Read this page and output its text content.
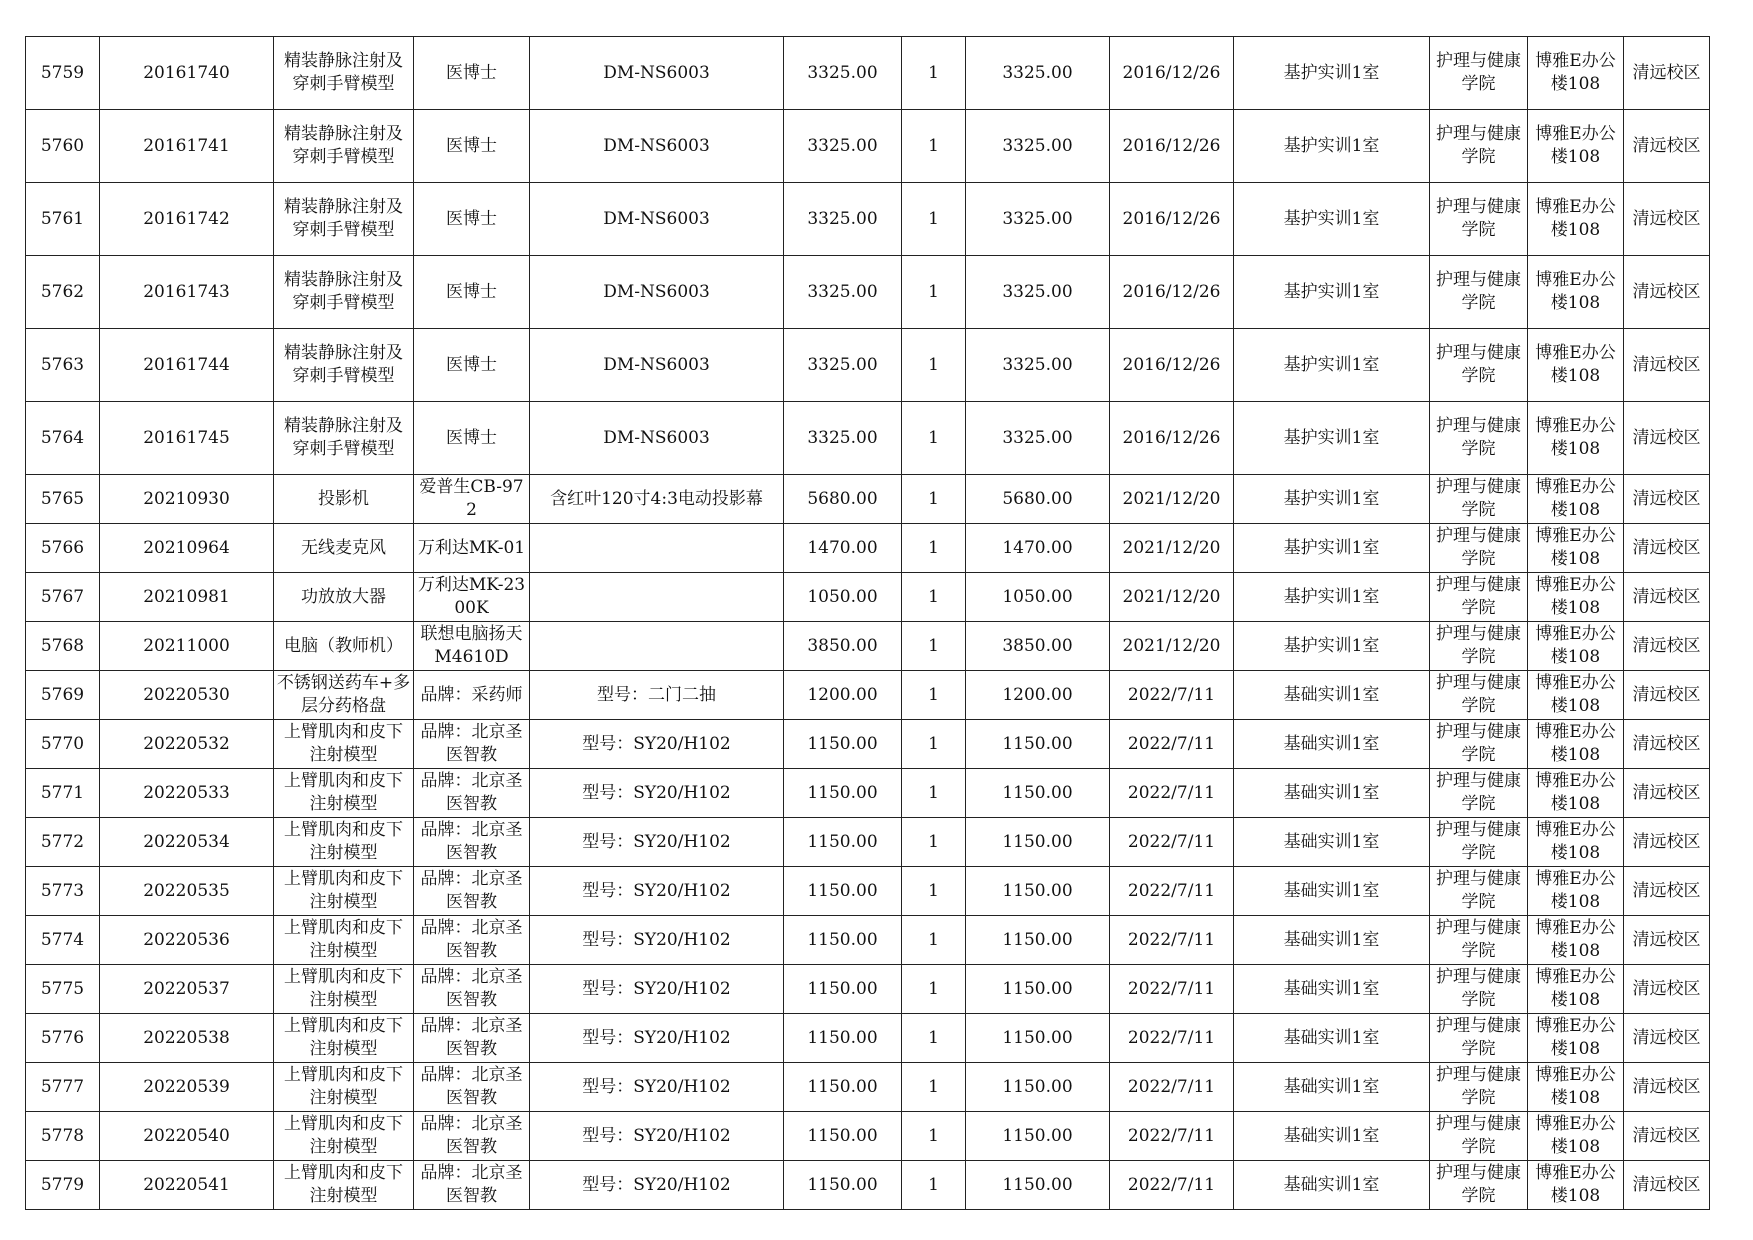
5759	20161740	精装静脉注射及穿刺手臂模型	医博士	DM-NS6003	3325.00	1	3325.00	2016/12/26	基护实训1室	护理与健康学院	博雅E办公楼108	清远校区
5760	20161741	精装静脉注射及穿刺手臂模型	医博士	DM-NS6003	3325.00	1	3325.00	2016/12/26	基护实训1室	护理与健康学院	博雅E办公楼108	清远校区
5761	20161742	精装静脉注射及穿刺手臂模型	医博士	DM-NS6003	3325.00	1	3325.00	2016/12/26	基护实训1室	护理与健康学院	博雅E办公楼108	清远校区
5762	20161743	精装静脉注射及穿刺手臂模型	医博士	DM-NS6003	3325.00	1	3325.00	2016/12/26	基护实训1室	护理与健康学院	博雅E办公楼108	清远校区
5763	20161744	精装静脉注射及穿刺手臂模型	医博士	DM-NS6003	3325.00	1	3325.00	2016/12/26	基护实训1室	护理与健康学院	博雅E办公楼108	清远校区
5764	20161745	精装静脉注射及穿刺手臂模型	医博士	DM-NS6003	3325.00	1	3325.00	2016/12/26	基护实训1室	护理与健康学院	博雅E办公楼108	清远校区
5765	20210930	投影机	爱普生CB-972	含红叶120寸4:3电动投影幕	5680.00	1	5680.00	2021/12/20	基护实训1室	护理与健康学院	博雅E办公楼108	清远校区
5766	20210964	无线麦克风	万利达MK-01		1470.00	1	1470.00	2021/12/20	基护实训1室	护理与健康学院	博雅E办公楼108	清远校区
5767	20210981	功放放大器	万利达MK-2300K		1050.00	1	1050.00	2021/12/20	基护实训1室	护理与健康学院	博雅E办公楼108	清远校区
5768	20211000	电脑（教师机）	联想电脑扬天M4610D		3850.00	1	3850.00	2021/12/20	基护实训1室	护理与健康学院	博雅E办公楼108	清远校区
5769	20220530	不锈钢送药车+多层分药格盘	品牌：采药师	型号：二门二抽	1200.00	1	1200.00	2022/7/11	基础实训1室	护理与健康学院	博雅E办公楼108	清远校区
5770	20220532	上臂肌肉和皮下注射模型	品牌：北京圣医智教	型号：SY20/H102	1150.00	1	1150.00	2022/7/11	基础实训1室	护理与健康学院	博雅E办公楼108	清远校区
5771	20220533	上臂肌肉和皮下注射模型	品牌：北京圣医智教	型号：SY20/H102	1150.00	1	1150.00	2022/7/11	基础实训1室	护理与健康学院	博雅E办公楼108	清远校区
5772	20220534	上臂肌肉和皮下注射模型	品牌：北京圣医智教	型号：SY20/H102	1150.00	1	1150.00	2022/7/11	基础实训1室	护理与健康学院	博雅E办公楼108	清远校区
5773	20220535	上臂肌肉和皮下注射模型	品牌：北京圣医智教	型号：SY20/H102	1150.00	1	1150.00	2022/7/11	基础实训1室	护理与健康学院	博雅E办公楼108	清远校区
5774	20220536	上臂肌肉和皮下注射模型	品牌：北京圣医智教	型号：SY20/H102	1150.00	1	1150.00	2022/7/11	基础实训1室	护理与健康学院	博雅E办公楼108	清远校区
5775	20220537	上臂肌肉和皮下注射模型	品牌：北京圣医智教	型号：SY20/H102	1150.00	1	1150.00	2022/7/11	基础实训1室	护理与健康学院	博雅E办公楼108	清远校区
5776	20220538	上臂肌肉和皮下注射模型	品牌：北京圣医智教	型号：SY20/H102	1150.00	1	1150.00	2022/7/11	基础实训1室	护理与健康学院	博雅E办公楼108	清远校区
5777	20220539	上臂肌肉和皮下注射模型	品牌：北京圣医智教	型号：SY20/H102	1150.00	1	1150.00	2022/7/11	基础实训1室	护理与健康学院	博雅E办公楼108	清远校区
5778	20220540	上臂肌肉和皮下注射模型	品牌：北京圣医智教	型号：SY20/H102	1150.00	1	1150.00	2022/7/11	基础实训1室	护理与健康学院	博雅E办公楼108	清远校区
5779	20220541	上臂肌肉和皮下注射模型	品牌：北京圣医智教	型号：SY20/H102	1150.00	1	1150.00	2022/7/11	基础实训1室	护理与健康学院	博雅E办公楼108	清远校区
